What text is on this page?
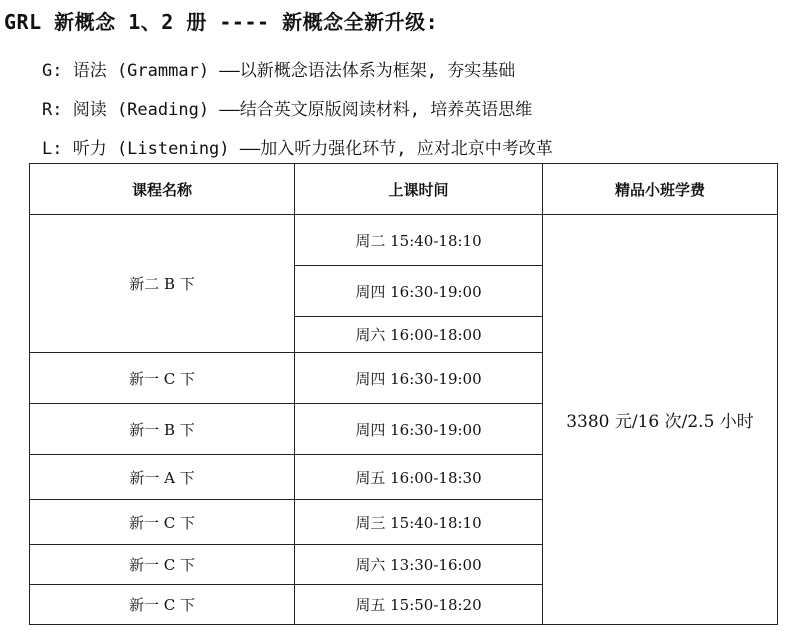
GRL 新概念 1、2 册 ---- 新概念全新升级:
G: 语法 (Grammar) ——以新概念语法体系为框架, 夯实基础
R: 阅读 (Reading) ——结合英文原版阅读材料, 培养英语思维
L: 听力 (Listening) ——加入听力强化环节, 应对北京中考改革
课程名称	上课时间	精品小班学费
新二 B 下	周二 15:40-18:10	3380 元/16 次/2.5 小时
	周四 16:30-19:00	
	周六 16:00-18:00	
新一 C 下	周四 16:30-19:00	
新一 B 下	周四 16:30-19:00	
新一 A 下	周五 16:00-18:30	
新一 C 下	周三 15:40-18:10	
新一 C 下	周六 13:30-16:00	
新一 C 下	周五 15:50-18:20	
